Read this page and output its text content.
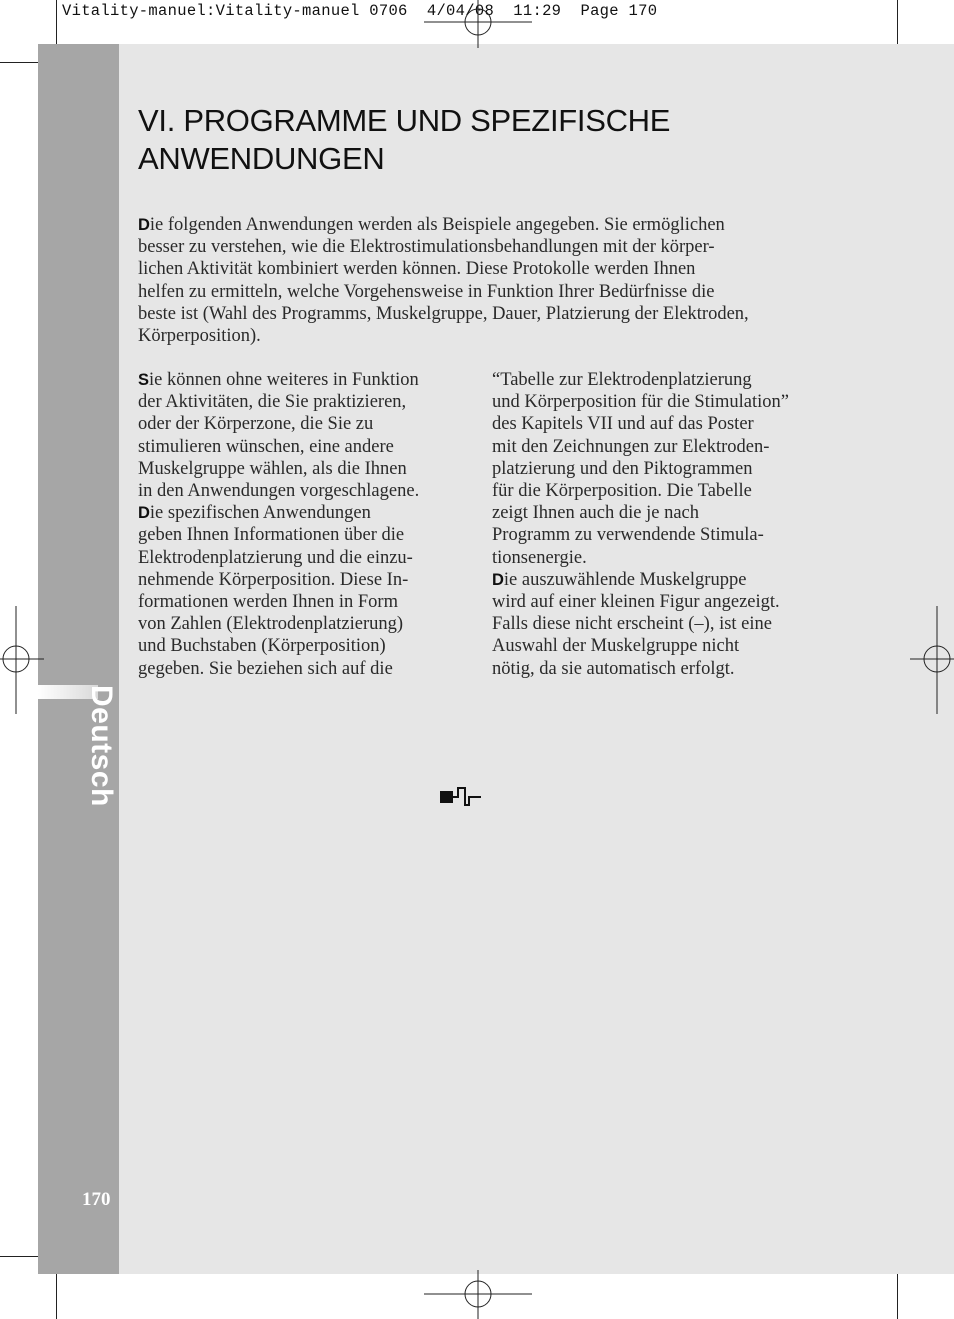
Vitality-manuel:Vitality-manuel 0706  4/04/08  11:29  Page 170
Deutsch
170
VI. PROGRAMME UND SPEZIFISCHE
ANWENDUNGEN
Die folgenden Anwendungen werden als Beispiele angegeben. Sie ermöglichen
besser zu verstehen, wie die Elektrostimulationsbehandlungen mit der körper-
lichen Aktivität kombiniert werden können. Diese Protokolle werden Ihnen
helfen zu ermitteln, welche Vorgehensweise in Funktion Ihrer Bedürfnisse die
beste ist (Wahl des Programms, Muskelgruppe, Dauer, Platzierung der Elektroden,
Körperposition).
Sie können ohne weiteres in Funktion
der Aktivitäten, die Sie praktizieren,
oder der Körperzone, die Sie zu
stimulieren wünschen, eine andere
Muskelgruppe wählen, als die Ihnen
in den Anwendungen vorgeschlagene.
Die spezifischen Anwendungen
geben Ihnen Informationen über die
Elektrodenplatzierung und die einzu-
nehmende Körperposition. Diese In-
formationen werden Ihnen in Form
von Zahlen (Elektrodenplatzierung)
und Buchstaben (Körperposition)
gegeben. Sie beziehen sich auf die
“Tabelle zur Elektrodenplatzierung
und Körperposition für die Stimulation”
des Kapitels VII und auf das Poster
mit den Zeichnungen zur Elektroden-
platzierung und den Piktogrammen
für die Körperposition. Die Tabelle
zeigt Ihnen auch die je nach
Programm zu verwendende Stimula-
tionsenergie.
Die auszuwählende Muskelgruppe
wird auf einer kleinen Figur angezeigt.
Falls diese nicht erscheint (–), ist eine
Auswahl der Muskelgruppe nicht
nötig, da sie automatisch erfolgt.
